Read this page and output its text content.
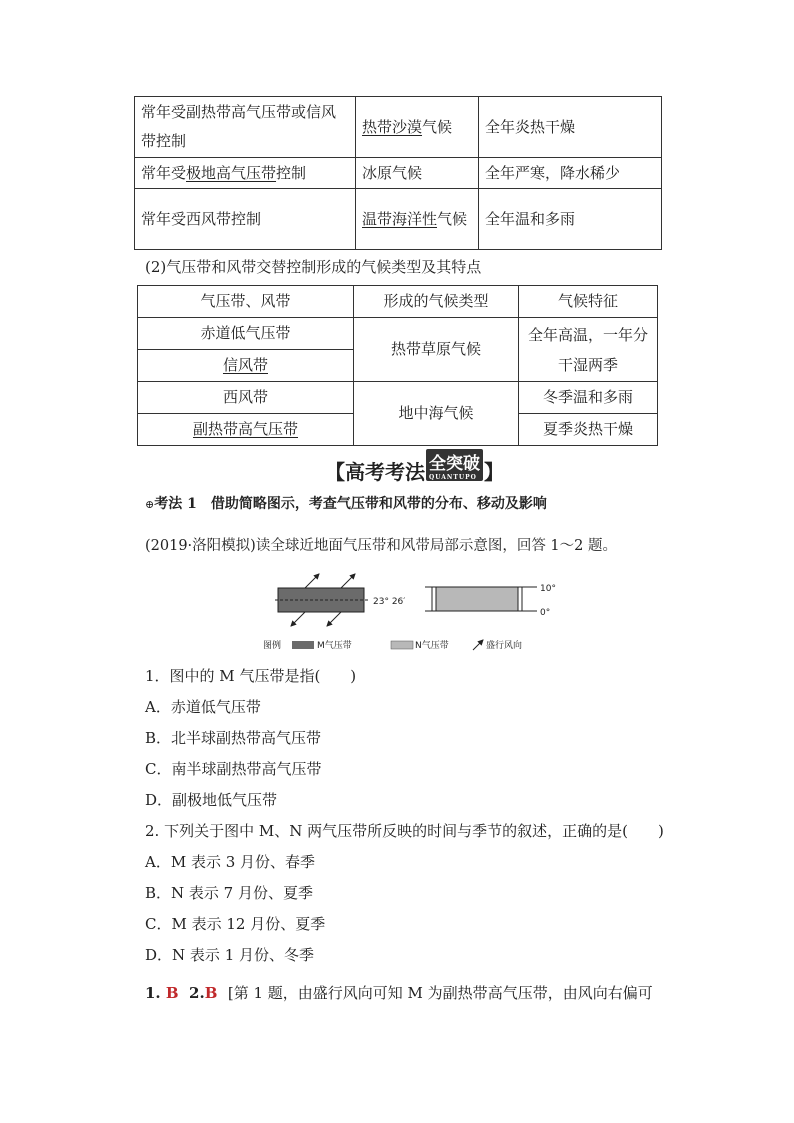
常年受副热带高气压带或信风带控制	热带沙漠气候	全年炎热干燥
常年受极地高气压带控制	冰原气候	全年严寒，降水稀少
常年受西风带控制	温带海洋性气候	全年温和多雨
(2)气压带和风带交替控制形成的气候类型及其特点
气压带、风带	形成的气候类型	气候特征
赤道低气压带	热带草原气候	全年高温，一年分干湿两季
信风带		
西风带	地中海气候	冬季温和多雨
副热带高气压带		夏季炎热干燥
【高考考法 全突破
QUANTUPO 】
⊕考法 1　借助简略图示，考查气压带和风带的分布、移动及影响
(2019·洛阳模拟)读全球近地面气压带和风带局部示意图，回答 1～2 题。
23° 26′
10°
0°
图例	M气压带	N气压带	盛行风向
1．图中的 M 气压带是指(　　)
A．赤道低气压带
B．北半球副热带高气压带
C．南半球副热带高气压带
D．副极地低气压带
2. 下列关于图中 M、N 两气压带所反映的时间与季节的叙述，正确的是(　　)
A．M 表示 3 月份、春季
B．N 表示 7 月份、夏季
C．M 表示 12 月份、夏季
D．N 表示 1 月份、冬季
1. B 2.B [第 1 题，由盛行风向可知 M 为副热带高气压带，由风向右偏可
